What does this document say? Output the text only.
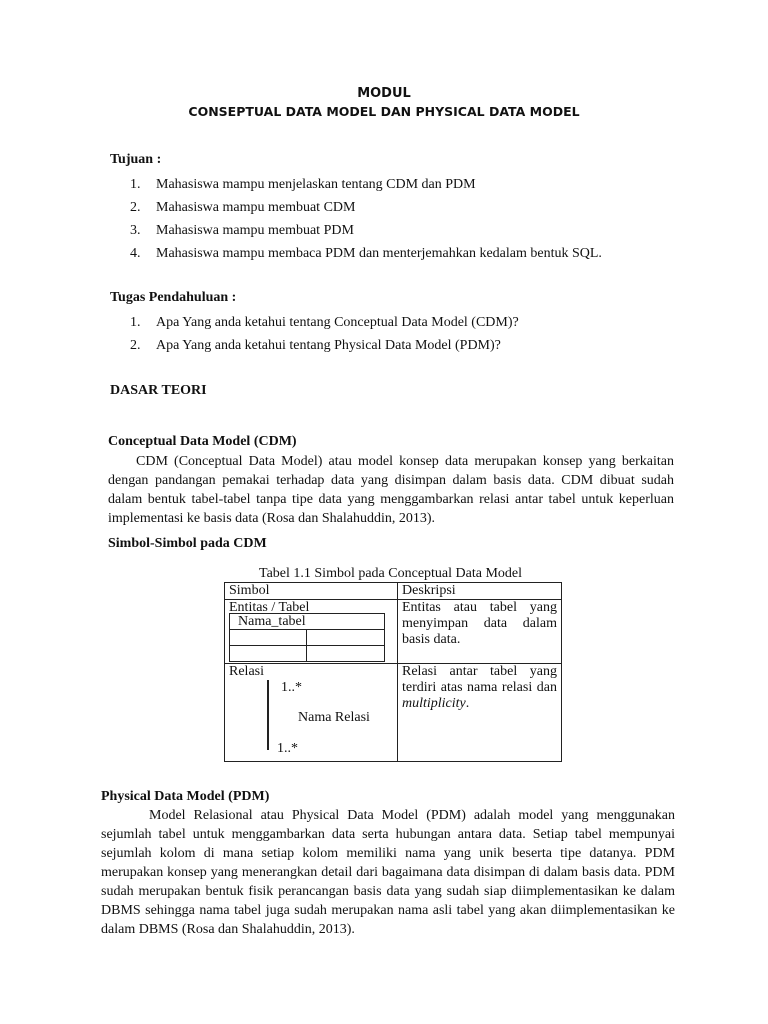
MODUL
CONSEPTUAL DATA MODEL DAN PHYSICAL DATA MODEL
Tujuan :
1.	Mahasiswa mampu menjelaskan tentang CDM dan PDM
2.	Mahasiswa mampu membuat CDM
3.	Mahasiswa mampu membuat PDM
4.	Mahasiswa mampu membaca PDM dan menterjemahkan kedalam bentuk SQL.
Tugas Pendahuluan :
1.	Apa Yang anda ketahui tentang Conceptual Data Model (CDM)?
2.	Apa Yang anda ketahui tentang Physical Data Model (PDM)?
DASAR TEORI
Conceptual Data Model (CDM)

CDM (Conceptual Data Model) atau model konsep data merupakan konsep yang berkaitan dengan pandangan pemakai terhadap data yang disimpan dalam basis data. CDM dibuat sudah dalam bentuk tabel-tabel tanpa tipe data yang menggambarkan relasi antar tabel untuk keperluan implementasi ke basis data (Rosa dan Shalahuddin, 2013).

Simbol-Simbol pada CDM
Tabel 1.1 Simbol pada Conceptual Data Model
Simbol	Deskripsi
Entitas / Tabel	Entitas atau tabel yang menyimpan data dalam basis data.
Relasi	Relasi antar tabel yang terdiri atas nama relasi dan multiplicity.
Nama_tabel
1..*
Nama Relasi
1..*
Physical Data Model (PDM)

Model Relasional atau Physical Data Model (PDM) adalah model yang menggunakan sejumlah tabel untuk menggambarkan data serta hubungan antara data. Setiap tabel mempunyai sejumlah kolom di mana setiap kolom memiliki nama yang unik beserta tipe datanya. PDM merupakan konsep yang menerangkan detail dari bagaimana data disimpan di dalam basis data. PDM sudah merupakan bentuk fisik perancangan basis data yang sudah siap diimplementasikan ke dalam DBMS sehingga nama tabel juga sudah merupakan nama asli tabel yang akan diimplementasikan ke dalam DBMS (Rosa dan Shalahuddin, 2013).
